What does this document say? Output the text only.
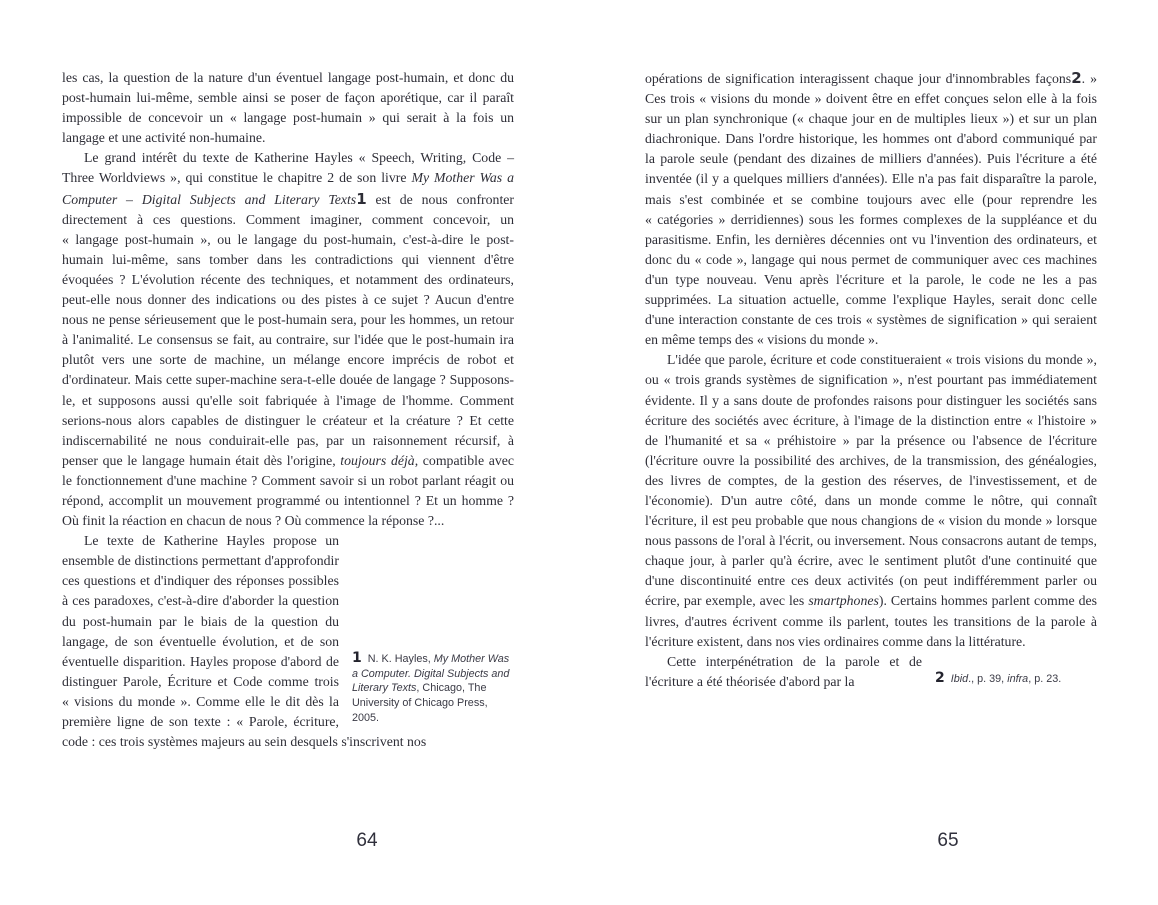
les cas, la question de la nature d'un éventuel langage post-humain, et donc du post-humain lui-même, semble ainsi se poser de façon aporétique, car il paraît impossible de concevoir un « langage post-humain » qui serait à la fois un langage et une activité non-humaine.

Le grand intérêt du texte de Katherine Hayles « Speech, Writing, Code – Three Worldviews », qui constitue le chapitre 2 de son livre My Mother Was a Computer – Digital Subjects and Literary Texts1 est de nous confronter directement à ces questions. Comment imaginer, comment concevoir, un « langage post-humain », ou le langage du post-humain, c'est-à-dire le post-humain lui-même, sans tomber dans les contradictions qui viennent d'être évoquées ? L'évolution récente des techniques, et notamment des ordinateurs, peut-elle nous donner des indications ou des pistes à ce sujet ? Aucun d'entre nous ne pense sérieusement que le post-humain sera, pour les hommes, un retour à l'animalité. Le consensus se fait, au contraire, sur l'idée que le post-humain ira plutôt vers une sorte de machine, un mélange encore imprécis de robot et d'ordinateur. Mais cette super-machine sera-t-elle douée de langage ? Supposons-le, et supposons aussi qu'elle soit fabriquée à l'image de l'homme. Comment serions-nous alors capables de distinguer le créateur et la créature ? Et cette indiscernabilité ne nous conduirait-elle pas, par un raisonnement récursif, à penser que le langage humain était dès l'origine, toujours déjà, compatible avec le fonctionnement d'une machine ? Comment savoir si un robot parlant réagit ou répond, accomplit un mouvement programmé ou intentionnel ? Et un homme ? Où finit la réaction en chacun de nous ? Où commence la réponse ?...

1 N. K. Hayles, My Mother Was a Computer. Digital Subjects and Literary Texts, Chicago, The University of Chicago Press, 2005.
Le texte de Katherine Hayles propose un ensemble de distinctions permettant d'approfondir ces questions et d'indiquer des réponses possibles à ces paradoxes, c'est-à-dire d'aborder la question du post-humain par le biais de la question du langage, de son éventuelle évolution, et de son éventuelle disparition. Hayles propose d'abord de distinguer Parole, Écriture et Code comme trois « visions du monde ». Comme elle le dit dès la première ligne de son texte : « Parole, écriture, code : ces trois systèmes majeurs au sein desquels s'inscrivent nos

64

opérations de signification interagissent chaque jour d'innombrables façons2. » Ces trois « visions du monde » doivent être en effet conçues selon elle à la fois sur un plan synchronique (« chaque jour en de multiples lieux ») et sur un plan diachronique. Dans l'ordre historique, les hommes ont d'abord communiqué par la parole seule (pendant des dizaines de milliers d'années). Puis l'écriture a été inventée (il y a quelques milliers d'années). Elle n'a pas fait disparaître la parole, mais s'est combinée et se combine toujours avec elle (pour reprendre les « catégories » derridiennes) sous les formes complexes de la suppléance et du parasitisme. Enfin, les dernières décennies ont vu l'invention des ordinateurs, et donc du « code », langage qui nous permet de communiquer avec ces machines d'un type nouveau. Venu après l'écriture et la parole, le code ne les a pas supprimées. La situation actuelle, comme l'explique Hayles, serait donc celle d'une interaction constante de ces trois « systèmes de signification » qui seraient en même temps des « visions du monde ».

L'idée que parole, écriture et code constitueraient « trois visions du monde », ou « trois grands systèmes de signification », n'est pourtant pas immédiatement évidente. Il y a sans doute de profondes raisons pour distinguer les sociétés sans écriture des sociétés avec écriture, à l'image de la distinction entre « l'histoire » de l'humanité et sa « préhistoire » par la présence ou l'absence de l'écriture (l'écriture ouvre la possibilité des archives, de la transmission, des généalogies, des livres de comptes, de la gestion des réserves, de l'investissement, et de l'économie). D'un autre côté, dans un monde comme le nôtre, qui connaît l'écriture, il est peu probable que nous changions de « vision du monde » lorsque nous passons de l'oral à l'écrit, ou inversement. Nous consacrons autant de temps, chaque jour, à parler qu'à écrire, avec le sentiment plutôt d'une continuité que d'une discontinuité entre ces deux activités (on peut indifféremment parler ou écrire, par exemple, avec les smartphones). Certains hommes parlent comme des livres, d'autres écrivent comme ils parlent, toutes les transitions de la parole à l'écriture existent, dans nos vies ordinaires comme dans la littérature.

2 Ibid., p. 39, infra, p. 23.
Cette interpénétration de la parole et de l'écriture a été théorisée d'abord par la

65
